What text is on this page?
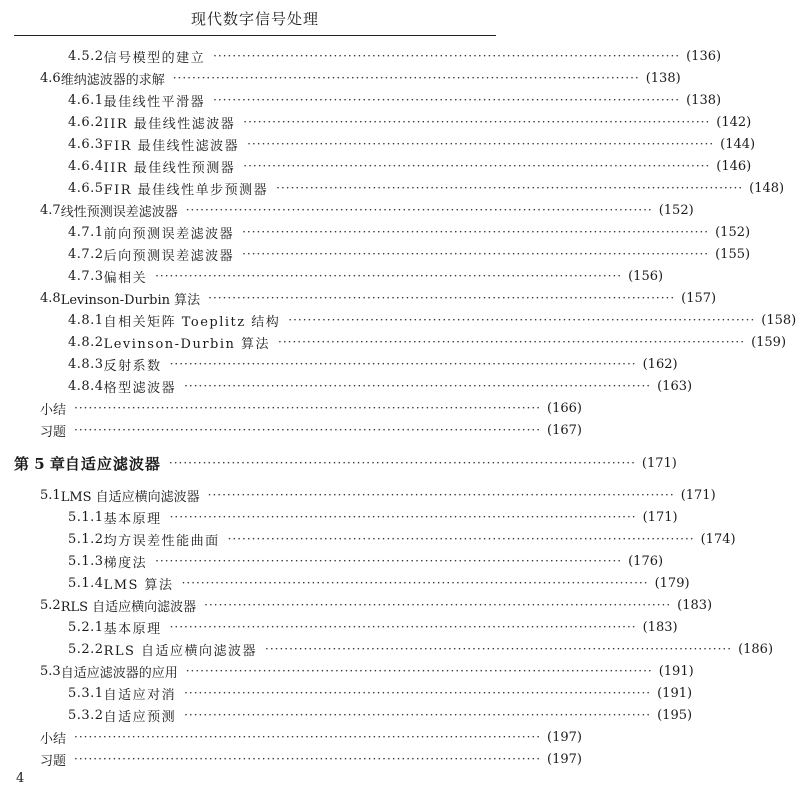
现代数字信号处理
4.5.2 信号模型的建立 ································································································· (136)
4.6 维纳滤波器的求解 ································································································· (138)
4.6.1 最佳线性平滑器 ································································································· (138)
4.6.2 IIR 最佳线性滤波器 ································································································· (142)
4.6.3 FIR 最佳线性滤波器 ································································································· (144)
4.6.4 IIR 最佳线性预测器 ································································································· (146)
4.6.5 FIR 最佳线性单步预测器 ································································································· (148)
4.7 线性预测误差滤波器 ································································································· (152)
4.7.1 前向预测误差滤波器 ································································································· (152)
4.7.2 后向预测误差滤波器 ································································································· (155)
4.7.3 偏相关 ································································································· (156)
4.8 Levinson-Durbin 算法 ································································································· (157)
4.8.1 自相关矩阵 Toeplitz 结构 ································································································· (158)
4.8.2 Levinson-Durbin 算法 ································································································· (159)
4.8.3 反射系数 ································································································· (162)
4.8.4 格型滤波器 ································································································· (163)
小结 ································································································· (166)
习题 ································································································· (167)
第 5 章 自适应滤波器 ································································································· (171)
5.1 LMS 自适应横向滤波器 ································································································· (171)
5.1.1 基本原理 ································································································· (171)
5.1.2 均方误差性能曲面 ································································································· (174)
5.1.3 梯度法 ································································································· (176)
5.1.4 LMS 算法 ································································································· (179)
5.2 RLS 自适应横向滤波器 ································································································· (183)
5.2.1 基本原理 ································································································· (183)
5.2.2 RLS 自适应横向滤波器 ································································································· (186)
5.3 自适应滤波器的应用 ································································································· (191)
5.3.1 自适应对消 ································································································· (191)
5.3.2 自适应预测 ································································································· (195)
小结 ································································································· (197)
习题 ································································································· (197)
4
